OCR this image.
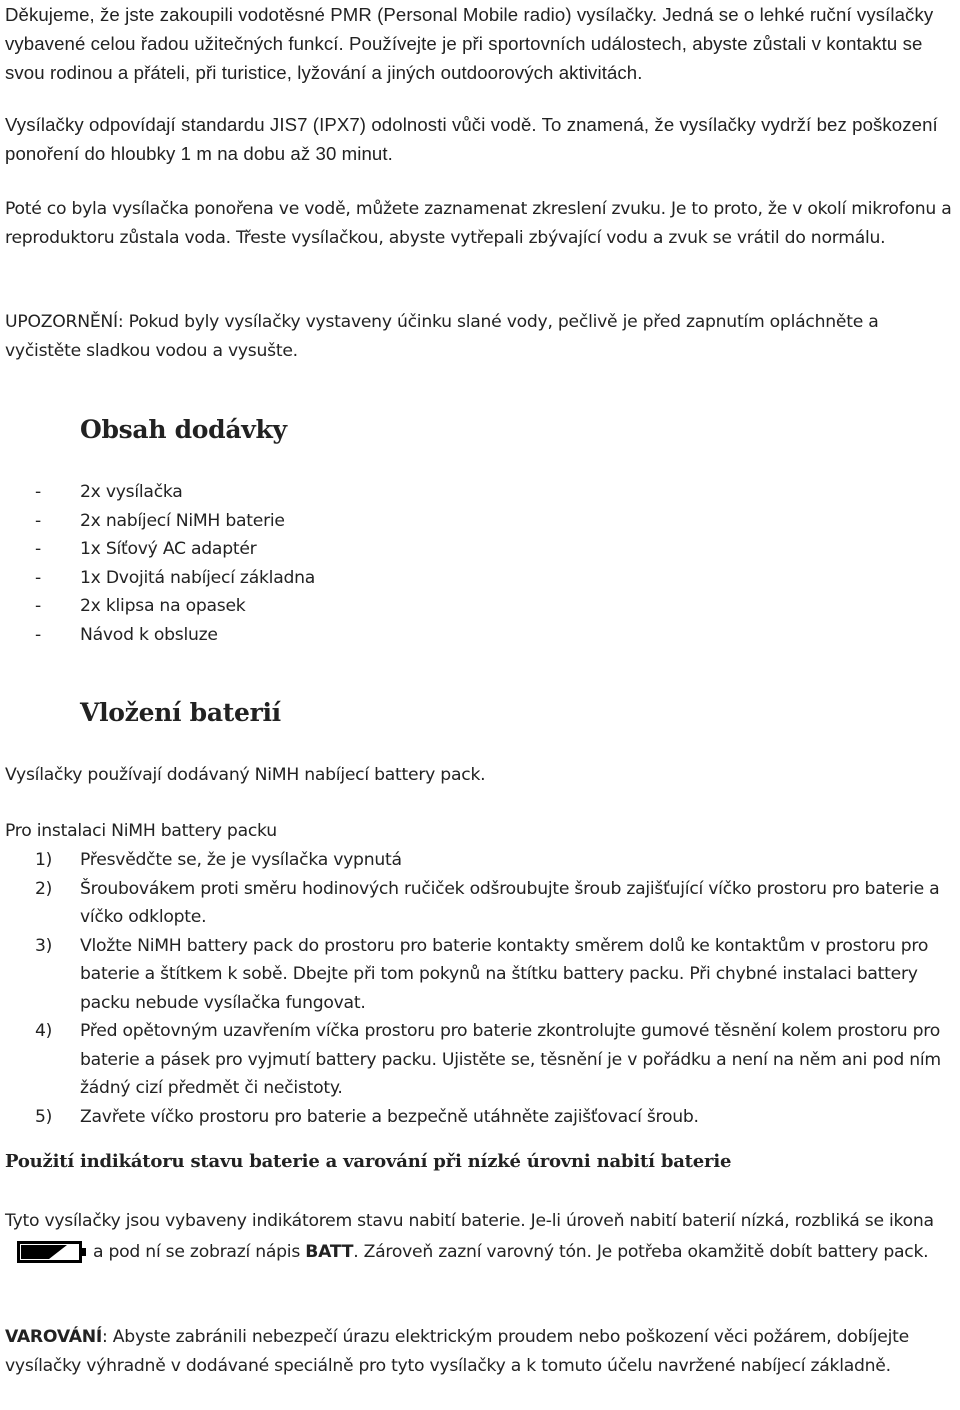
Děkujeme, že jste zakoupili vodotěsné PMR (Personal Mobile radio) vysílačky. Jedná se o lehké ruční vysílačky vybavené celou řadou užitečných funkcí. Používejte je při sportovních událostech, abyste zůstali v kontaktu se svou rodinou a přáteli, při turistice, lyžování a jiných outdoorových aktivitách.

Vysílačky odpovídají standardu JIS7 (IPX7) odolnosti vůči vodě. To znamená, že vysílačky vydrží bez poškození ponoření do hloubky 1 m na dobu až 30 minut.

Poté co byla vysílačka ponořena ve vodě, můžete zaznamenat zkreslení zvuku. Je to proto, že v okolí mikrofonu a reproduktoru zůstala voda. Třeste vysílačkou, abyste vytřepali zbývající vodu a zvuk se vrátil do normálu.

UPOZORNĚNÍ: Pokud byly vysílačky vystaveny účinku slané vody, pečlivě je před zapnutím opláchněte a vyčistěte sladkou vodou a vysušte.

Obsah dodávky
- 2x vysílačka
- 2x nabíjecí NiMH baterie
- 1x Síťový AC adaptér
- 1x Dvojitá nabíjecí základna
- 2x klipsa na opasek
- Návod k obsluze
Vložení baterií

Vysílačky používají dodávaný NiMH nabíjecí battery pack.

Pro instalaci NiMH battery packu

1) Přesvědčte se, že je vysílačka vypnutá
2) Šroubovákem proti směru hodinových ručiček odšroubujte šroub zajišťující víčko prostoru pro baterie a víčko odklopte.
3) Vložte NiMH battery pack do prostoru pro baterie kontakty směrem dolů ke kontaktům v prostoru pro baterie a štítkem k sobě. Dbejte při tom pokynů na štítku battery packu. Při chybné instalaci battery packu nebude vysílačka fungovat.
4) Před opětovným uzavřením víčka prostoru pro baterie zkontrolujte gumové těsnění kolem prostoru pro baterie a pásek pro vyjmutí battery packu. Ujistěte se, těsnění je v pořádku a není na něm ani pod ním žádný cizí předmět či nečistoty.
5) Zavřete víčko prostoru pro baterie a bezpečně utáhněte zajišťovací šroub.
Použití indikátoru stavu baterie a varování při nízké úrovni nabití baterie

Tyto vysílačky jsou vybaveny indikátorem stavu nabití baterie. Je-li úroveň nabití baterií nízká, rozbliká se ikonaa pod ní se zobrazí nápis BATT. Zároveň zazní varovný tón. Je potřeba okamžitě dobít battery pack.

VAROVÁNÍ: Abyste zabránili nebezpečí úrazu elektrickým proudem nebo poškození věci požárem, dobíjejte vysílačky výhradně v dodávané speciálně pro tyto vysílačky a k tomuto účelu navržené nabíjecí základně.
